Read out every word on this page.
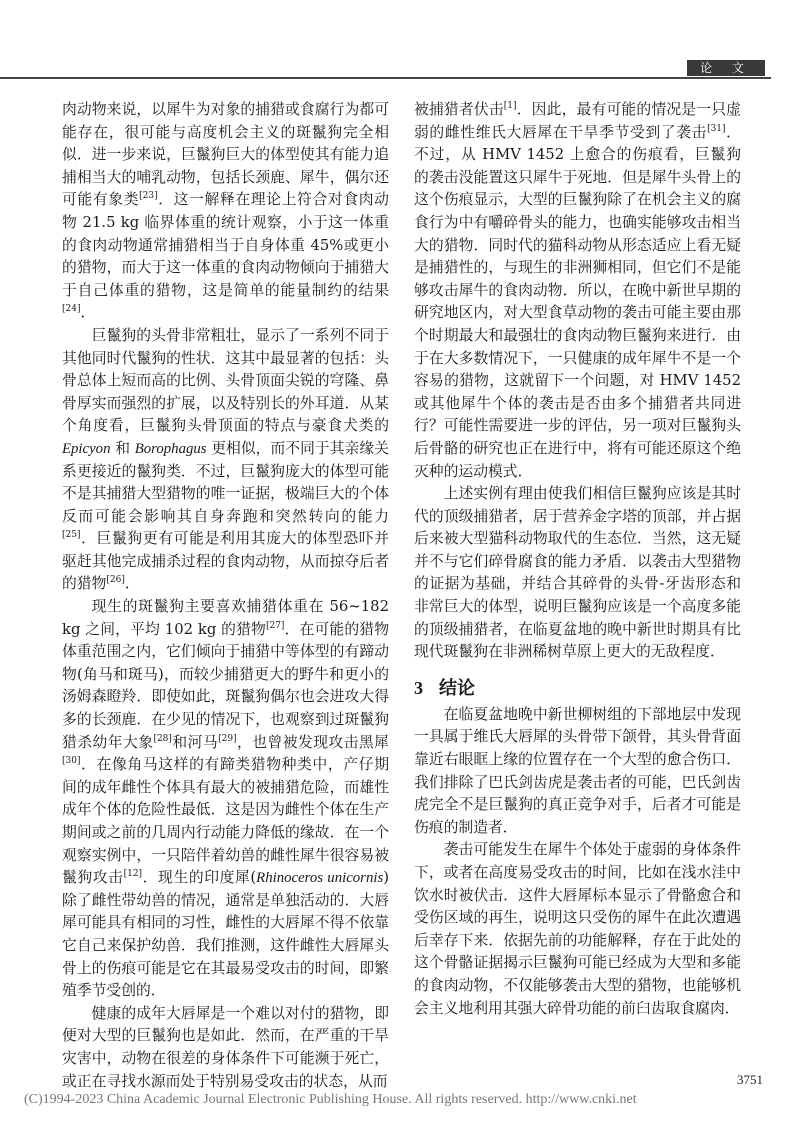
论 文

肉动物来说，以犀牛为对象的捕猎或食腐行为都可能存在，很可能与高度机会主义的斑鬣狗完全相似．进一步来说，巨鬣狗巨大的体型使其有能力追捕相当大的哺乳动物，包括长颈鹿、犀牛，偶尔还可能有象类[23]．这一解释在理论上符合对食肉动物 21.5 kg 临界体重的统计观察，小于这一体重的食肉动物通常捕猎相当于自身体重 45%或更小的猎物，而大于这一体重的食肉动物倾向于捕猎大于自己体重的猎物，这是简单的能量制约的结果[24]．

巨鬣狗的头骨非常粗壮，显示了一系列不同于其他同时代鬣狗的性状．这其中最显著的包括：头骨总体上短而高的比例、头骨顶面尖锐的穹隆、鼻骨厚实而强烈的扩展，以及特别长的外耳道．从某个角度看，巨鬣狗头骨顶面的特点与豪食犬类的 Epicyon 和 Borophagus 更相似，而不同于其亲缘关系更接近的鬣狗类．不过，巨鬣狗庞大的体型可能不是其捕猎大型猎物的唯一证据，极端巨大的个体反而可能会影响其自身奔跑和突然转向的能力[25]．巨鬣狗更有可能是利用其庞大的体型恐吓并驱赶其他完成捕杀过程的食肉动物，从而掠夺后者的猎物[26]．

现生的斑鬣狗主要喜欢捕猎体重在 56~182 kg 之间，平均 102 kg 的猎物[27]．在可能的猎物体重范围之内，它们倾向于捕猎中等体型的有蹄动物(角马和斑马)，而较少捕猎更大的野牛和更小的汤姆森瞪羚．即使如此，斑鬣狗偶尔也会进攻大得多的长颈鹿．在少见的情况下，也观察到过斑鬣狗猎杀幼年大象[28]和河马[29]，也曾被发现攻击黑犀[30]．在像角马这样的有蹄类猎物种类中，产仔期间的成年雌性个体具有最大的被捕猎危险，而雄性成年个体的危险性最低．这是因为雌性个体在生产期间或之前的几周内行动能力降低的缘故．在一个观察实例中，一只陪伴着幼兽的雌性犀牛很容易被鬣狗攻击[12]．现生的印度犀(Rhinoceros unicornis)除了雌性带幼兽的情况，通常是单独活动的．大唇犀可能具有相同的习性，雌性的大唇犀不得不依靠它自己来保护幼兽．我们推测，这件雌性大唇犀头骨上的伤痕可能是它在其最易受攻击的时间，即繁殖季节受创的．

健康的成年大唇犀是一个难以对付的猎物，即便对大型的巨鬣狗也是如此．然而，在严重的干旱灾害中，动物在很差的身体条件下可能濒于死亡，或正在寻找水源而处于特别易受攻击的状态，从而

被捕猎者伏击[1]．因此，最有可能的情况是一只虚弱的雌性维氏大唇犀在干旱季节受到了袭击[31]．不过，从 HMV 1452 上愈合的伤痕看，巨鬣狗的袭击没能置这只犀牛于死地．但是犀牛头骨上的这个伤痕显示，大型的巨鬣狗除了在机会主义的腐食行为中有嚼碎骨头的能力，也确实能够攻击相当大的猎物．同时代的猫科动物从形态适应上看无疑是捕猎性的，与现生的非洲狮相同，但它们不是能够攻击犀牛的食肉动物．所以，在晚中新世早期的研究地区内，对大型食草动物的袭击可能主要由那个时期最大和最强壮的食肉动物巨鬣狗来进行．由于在大多数情况下，一只健康的成年犀牛不是一个容易的猎物，这就留下一个问题，对 HMV 1452 或其他犀牛个体的袭击是否由多个捕猎者共同进行？可能性需要进一步的评估，另一项对巨鬣狗头后骨骼的研究也正在进行中，将有可能还原这个绝灭种的运动模式．

上述实例有理由使我们相信巨鬣狗应该是其时代的顶级捕猎者，居于营养金字塔的顶部，并占据后来被大型猫科动物取代的生态位．当然，这无疑并不与它们碎骨腐食的能力矛盾．以袭击大型猎物的证据为基础，并结合其碎骨的头骨-牙齿形态和非常巨大的体型，说明巨鬣狗应该是一个高度多能的顶级捕猎者，在临夏盆地的晚中新世时期具有比现代斑鬣狗在非洲稀树草原上更大的无敌程度．

3 结论

在临夏盆地晚中新世柳树组的下部地层中发现一具属于维氏大唇犀的头骨带下颌骨，其头骨背面靠近右眼眶上缘的位置存在一个大型的愈合伤口．我们排除了巴氏剑齿虎是袭击者的可能，巴氏剑齿虎完全不是巨鬣狗的真正竞争对手，后者才可能是伤痕的制造者．

袭击可能发生在犀牛个体处于虚弱的身体条件下，或者在高度易受攻击的时间，比如在浅水洼中饮水时被伏击．这件大唇犀标本显示了骨骼愈合和受伤区域的再生，说明这只受伤的犀牛在此次遭遇后幸存下来．依据先前的功能解释，存在于此处的这个骨骼证据揭示巨鬣狗可能已经成为大型和多能的食肉动物，不仅能够袭击大型的猎物，也能够机会主义地利用其强大碎骨功能的前臼齿取食腐肉．

3751
(C)1994-2023 China Academic Journal Electronic Publishing House. All rights reserved. http://www.cnki.net
